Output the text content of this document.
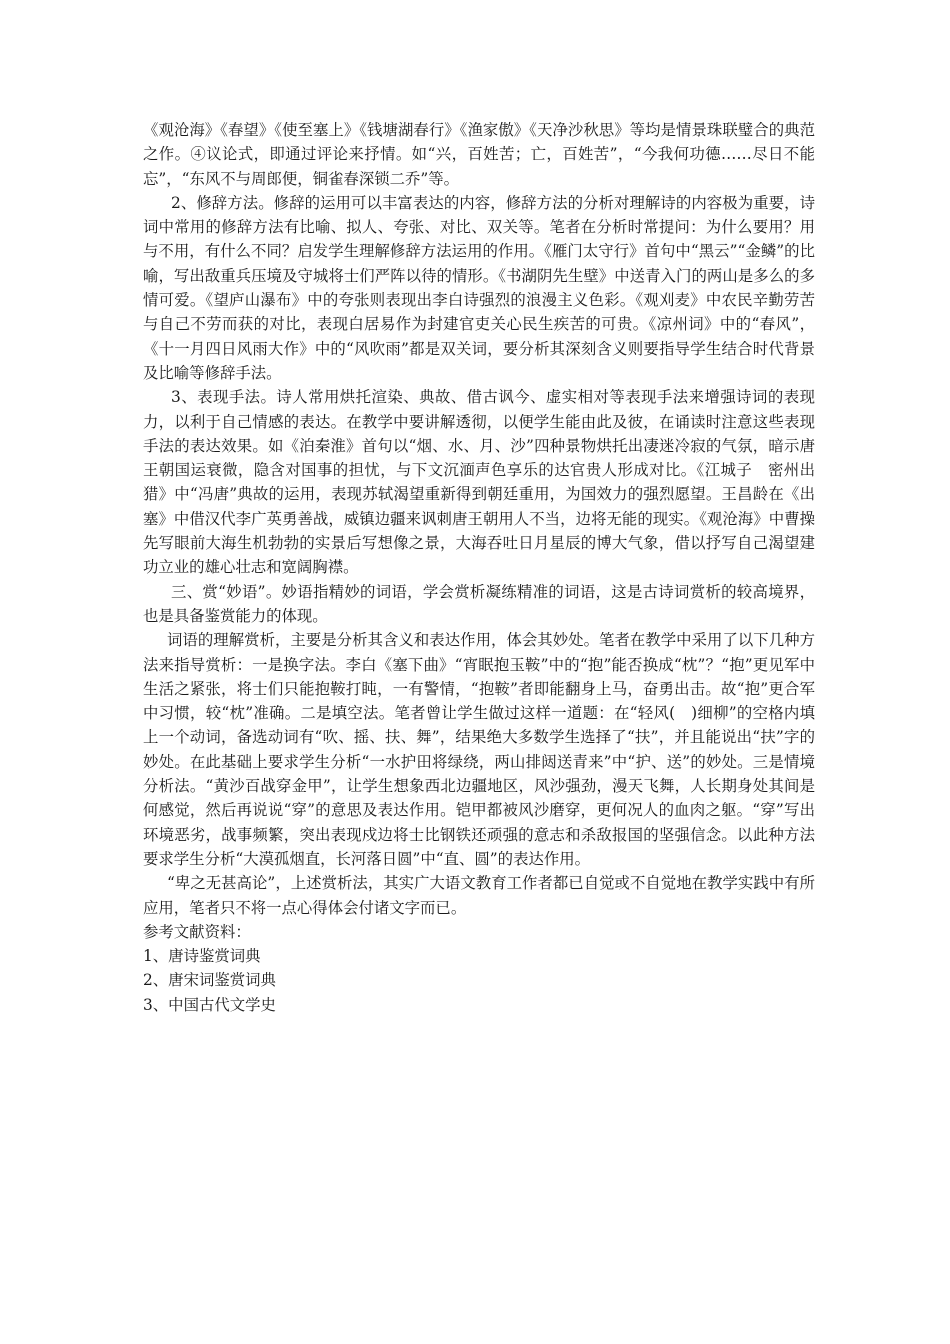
《观沧海》《春望》《使至塞上》《钱塘湖春行》《渔家傲》《天净沙秋思》等均是情景珠联璧合的典范之作。④议论式，即通过评论来抒情。如“兴，百姓苦；亡，百姓苦”，“今我何功德……尽日不能忘”，“东风不与周郎便，铜雀春深锁二乔”等。

2、修辞方法。修辞的运用可以丰富表达的内容，修辞方法的分析对理解诗的内容极为重要，诗词中常用的修辞方法有比喻、拟人、夸张、对比、双关等。笔者在分析时常提问：为什么要用？用与不用，有什么不同？启发学生理解修辞方法运用的作用。《雁门太守行》首句中“黑云”“金鳞”的比喻，写出敌重兵压境及守城将士们严阵以待的情形。《书湖阴先生壁》中送青入门的两山是多么的多情可爱。《望庐山瀑布》中的夸张则表现出李白诗强烈的浪漫主义色彩。《观刈麦》中农民辛勤劳苦与自己不劳而获的对比，表现白居易作为封建官吏关心民生疾苦的可贵。《凉州词》中的“春风”，《十一月四日风雨大作》中的“风吹雨”都是双关词，要分析其深刻含义则要指导学生结合时代背景及比喻等修辞手法。

3、表现手法。诗人常用烘托渲染、典故、借古讽今、虚实相对等表现手法来增强诗词的表现力，以利于自己情感的表达。在教学中要讲解透彻，以便学生能由此及彼，在诵读时注意这些表现手法的表达效果。如《泊秦淮》首句以“烟、水、月、沙”四种景物烘托出凄迷冷寂的气氛，暗示唐王朝国运衰微，隐含对国事的担忧，与下文沉湎声色享乐的达官贵人形成对比。《江城子　密州出猎》中“冯唐”典故的运用，表现苏轼渴望重新得到朝廷重用，为国效力的强烈愿望。王昌龄在《出塞》中借汉代李广英勇善战，威镇边疆来讽刺唐王朝用人不当，边将无能的现实。《观沧海》中曹操先写眼前大海生机勃勃的实景后写想像之景，大海吞吐日月星辰的博大气象，借以抒写自己渴望建功立业的雄心壮志和宽阔胸襟。

三、赏“妙语”。妙语指精妙的词语，学会赏析凝练精准的词语，这是古诗词赏析的较高境界，也是具备鉴赏能力的体现。

词语的理解赏析，主要是分析其含义和表达作用，体会其妙处。笔者在教学中采用了以下几种方法来指导赏析：一是换字法。李白《塞下曲》“宵眠抱玉鞍”中的“抱”能否换成“枕”？“抱”更见军中生活之紧张，将士们只能抱鞍打盹，一有警情，“抱鞍”者即能翻身上马，奋勇出击。故“抱”更合军中习惯，较“枕”准确。二是填空法。笔者曾让学生做过这样一道题：在“轻风(　)细柳”的空格内填上一个动词，备选动词有“吹、摇、扶、舞”，结果绝大多数学生选择了“扶”，并且能说出“扶”字的妙处。在此基础上要求学生分析“一水护田将绿绕，两山排闼送青来”中“护、送”的妙处。三是情境分析法。“黄沙百战穿金甲”，让学生想象西北边疆地区，风沙强劲，漫天飞舞，人长期身处其间是何感觉，然后再说说“穿”的意思及表达作用。铠甲都被风沙磨穿，更何况人的血肉之躯。“穿”写出环境恶劣，战事频繁，突出表现戍边将士比钢铁还顽强的意志和杀敌报国的坚强信念。以此种方法要求学生分析“大漠孤烟直，长河落日圆”中“直、圆”的表达作用。

“卑之无甚高论”，上述赏析法，其实广大语文教育工作者都已自觉或不自觉地在教学实践中有所应用，笔者只不将一点心得体会付诸文字而已。

参考文献资料：

1、唐诗鉴赏词典

2、唐宋词鉴赏词典

3、中国古代文学史
